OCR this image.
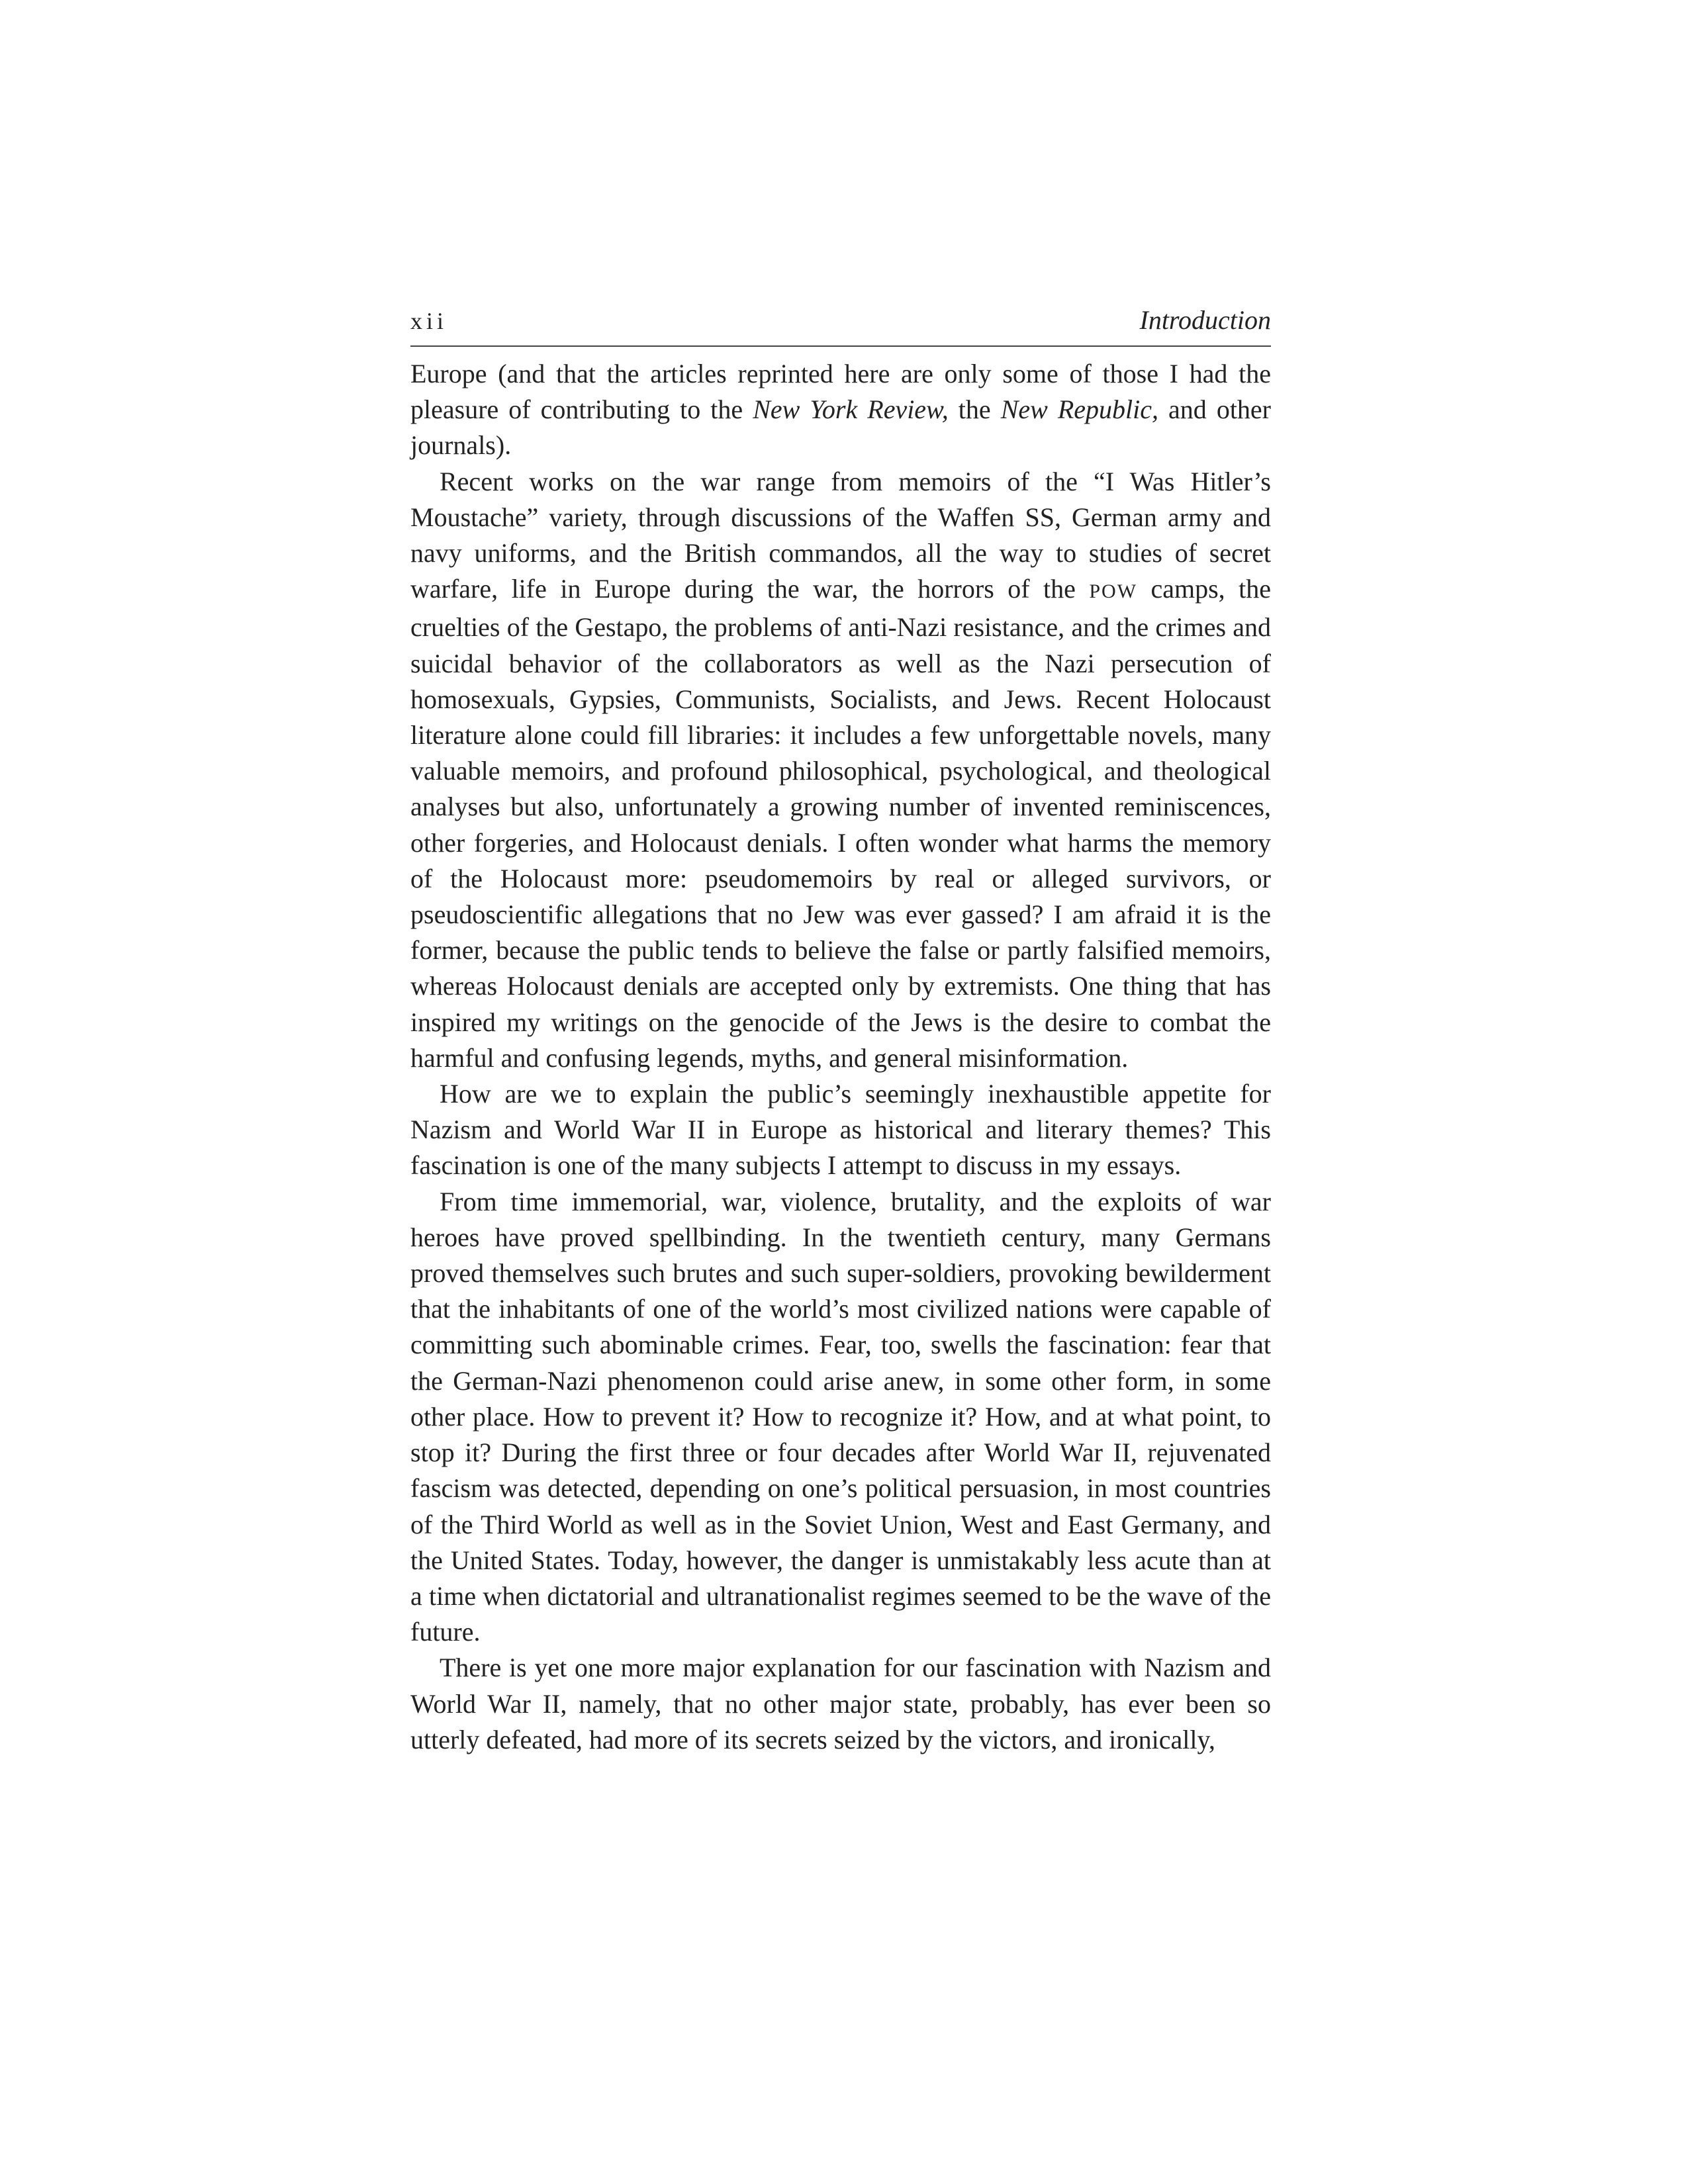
xii	Introduction

Europe (and that the articles reprinted here are only some of those I had the pleasure of contributing to the New York Review, the New Republic, and other journals).

Recent works on the war range from memoirs of the “I Was Hitler’s Moustache” variety, through discussions of the Waffen SS, German army and navy uniforms, and the British commandos, all the way to studies of secret warfare, life in Europe during the war, the horrors of the POW camps, the cruelties of the Gestapo, the problems of anti-Nazi resistance, and the crimes and suicidal behavior of the collaborators as well as the Nazi persecution of homosexuals, Gypsies, Communists, Socialists, and Jews. Recent Holocaust literature alone could fill libraries: it includes a few unforgettable novels, many valuable memoirs, and profound philosophical, psychological, and theological analyses but also, unfortunately a growing number of invented reminiscences, other forgeries, and Holocaust denials. I often wonder what harms the memory of the Holocaust more: pseudomemoirs by real or alleged survivors, or pseudoscientific allegations that no Jew was ever gassed? I am afraid it is the former, because the public tends to believe the false or partly falsified memoirs, whereas Holocaust denials are accepted only by extremists. One thing that has inspired my writings on the genocide of the Jews is the desire to combat the harmful and confusing legends, myths, and general misinformation.

How are we to explain the public’s seemingly inexhaustible appetite for Nazism and World War II in Europe as historical and literary themes? This fascination is one of the many subjects I attempt to discuss in my essays.

From time immemorial, war, violence, brutality, and the exploits of war heroes have proved spellbinding. In the twentieth century, many Germans proved themselves such brutes and such super-soldiers, provoking bewilderment that the inhabitants of one of the world’s most civilized nations were capable of committing such abominable crimes. Fear, too, swells the fascination: fear that the German-Nazi phenomenon could arise anew, in some other form, in some other place. How to prevent it? How to recognize it? How, and at what point, to stop it? During the first three or four decades after World War II, rejuvenated fascism was detected, depending on one’s political persuasion, in most countries of the Third World as well as in the Soviet Union, West and East Germany, and the United States. Today, however, the danger is unmistakably less acute than at a time when dictatorial and ultranationalist regimes seemed to be the wave of the future.

There is yet one more major explanation for our fascination with Nazism and World War II, namely, that no other major state, probably, has ever been so utterly defeated, had more of its secrets seized by the victors, and ironically,
